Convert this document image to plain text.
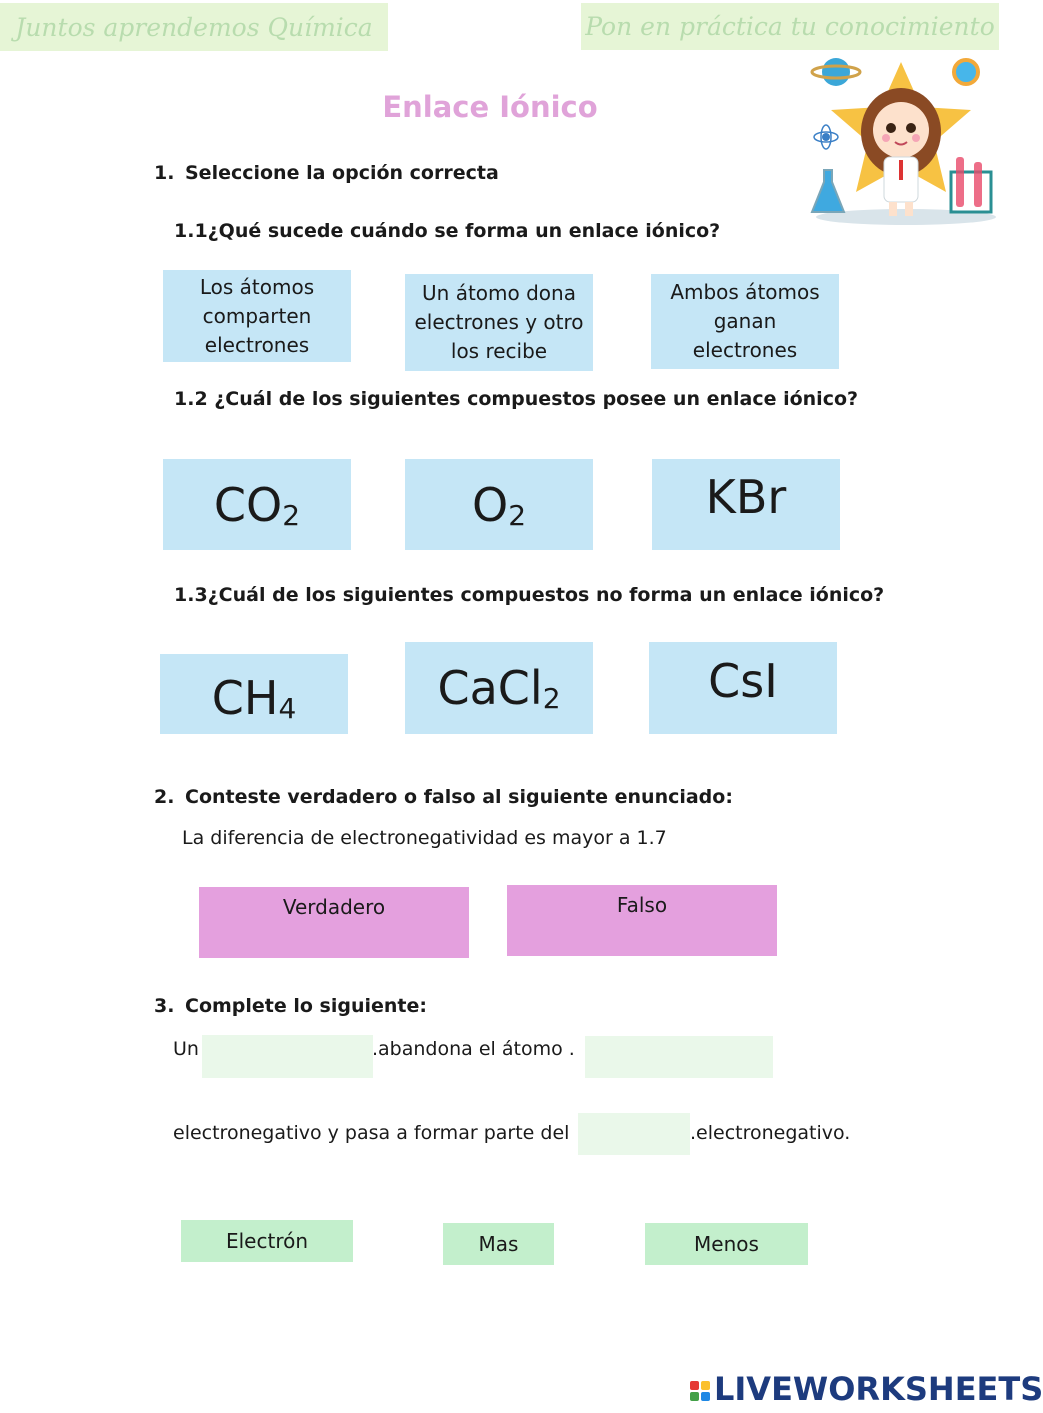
Juntos aprendemos Química	Pon en práctica tu conocimiento
Enlace Iónico
1. Seleccione la opción correcta
1.1¿Qué sucede cuándo se forma un enlace iónico?
Los átomos comparten electrones
Un átomo dona electrones y otro los recibe
Ambos átomos ganan electrones
1.2 ¿Cuál de los siguientes compuestos posee un enlace iónico?
$CO_2$	$O_2$	KBr
1.3¿Cuál de los siguientes compuestos no forma un enlace iónico?
$CH_4$	CaCl$_2$	CsI
2. Conteste verdadero o falso al siguiente enunciado:
La diferencia de electronegatividad es mayor a 1.7
Verdadero	Falso
3. Complete lo siguiente:
Un	.abandona el átomo .
electronegativo y pasa a formar parte del	.electronegativo.
Electrón	Mas	Menos
LIVEWORKSHEETS
